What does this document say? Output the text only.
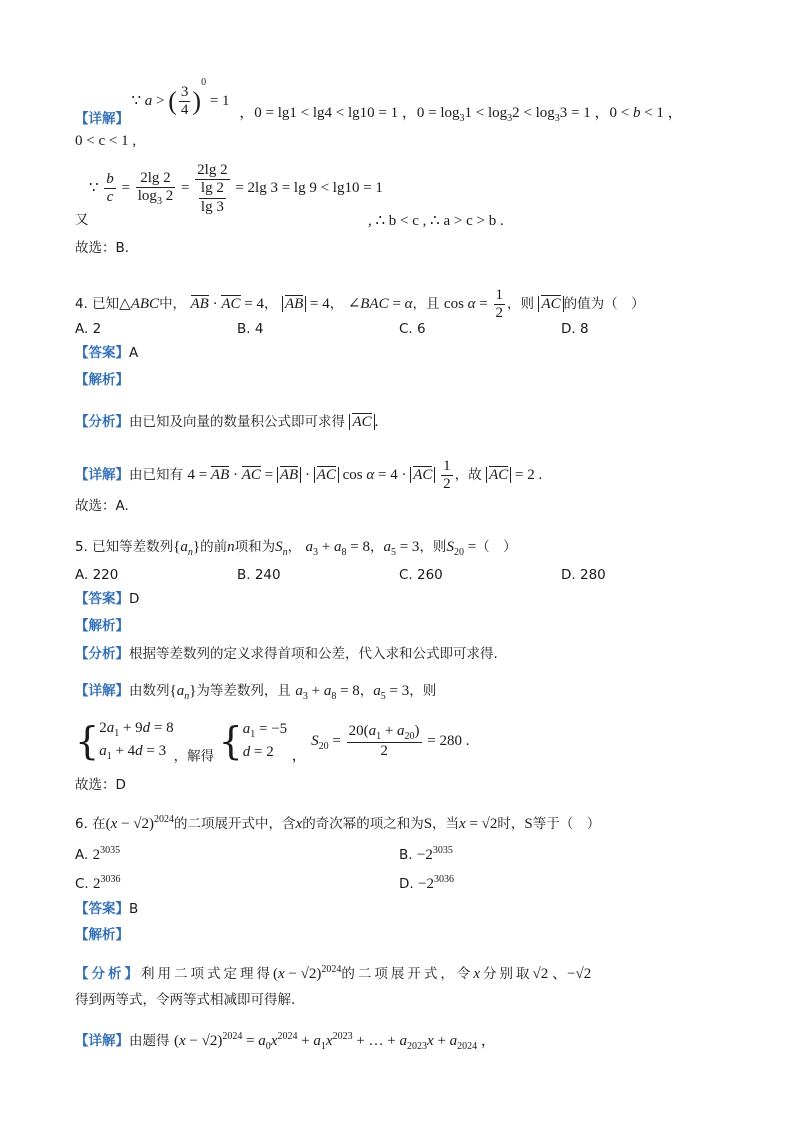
【详解】 ∵ a > ( $\frac{3}{4} )^0 = 1$ ，0 = lg1 < lg4 < lg10 = 1 ，$0 = \log_31 < \log_32 < \log_33 = 1$ ，0 < b < 1 ，
0 < c < 1 ,
∵ $\frac{b}{c} = \frac{2\lg 2}{\log_3 2} = \frac{2\lg 2}{\frac{\lg 2}{\lg 3}} = 2\lg$ 3 = lg 9 < lg10 = 1
又	, ∴ b < c , ∴ a > c > b .
故选：B.
4. 已知△ABC中， AB · AC = 4， AB = 4， ∠BAC = α，且 $\cos \alpha = \frac{1}{2}$ ，则 AC 的值为（　）
A. 2	B. 4	C. 6	D. 8
【答案】A
【解析】
【分析】由已知及向量的数量积公式即可求得 AC .
【详解】由已知有 4 = AB · AC = AB · AC cos α = 4 · AC $\frac{1}{2}$ ，故 AC = 2 .
故选：A.
5. 已知等差数列$\{a_n\}$的前n项和为$S_n$， $a_3 + a_8 = 8$，$a_5 = 3$，则$S_{20}$ =（　）
A. 220	B. 240	C. 260	D. 280
【答案】D
【解析】
【分析】根据等差数列的定义求得首项和公差，代入求和公式即可求得.
【详解】由数列$\{a_n\}$为等差数列，且 $a_3 + a_8 = 8$，$a_5 = 3$，则
{$2a_1 + 9d = 8$
$a_1 + 4d = 3$ ，解得 {$a_1 = -5$
d = 2 ， $S_{20} = \frac{20(a_1 + a_{20})}{2} = 280$ .
故选：D
6. 在$(x - √2)^{2024}$的二项展开式中，含x的奇次幂的项之和为S，当x = √2时，S等于（　）
A. $2^{3035}$	B. $-2^{3035}$
C. $2^{3036}$	D. $-2^{3036}$
【答案】B
【解析】
【分析】利用二项式定理得$(x - √2)^{2024}$的二项展开式，令x分别取√2 、−√2
得到两等式，令两等式相减即可得解.
【详解】由题得 $(x - √2)^{2024} = a_0x^{2024} + a_1x^{2023}$ + … + $a_{2023}x + a_{2024}$ ，
